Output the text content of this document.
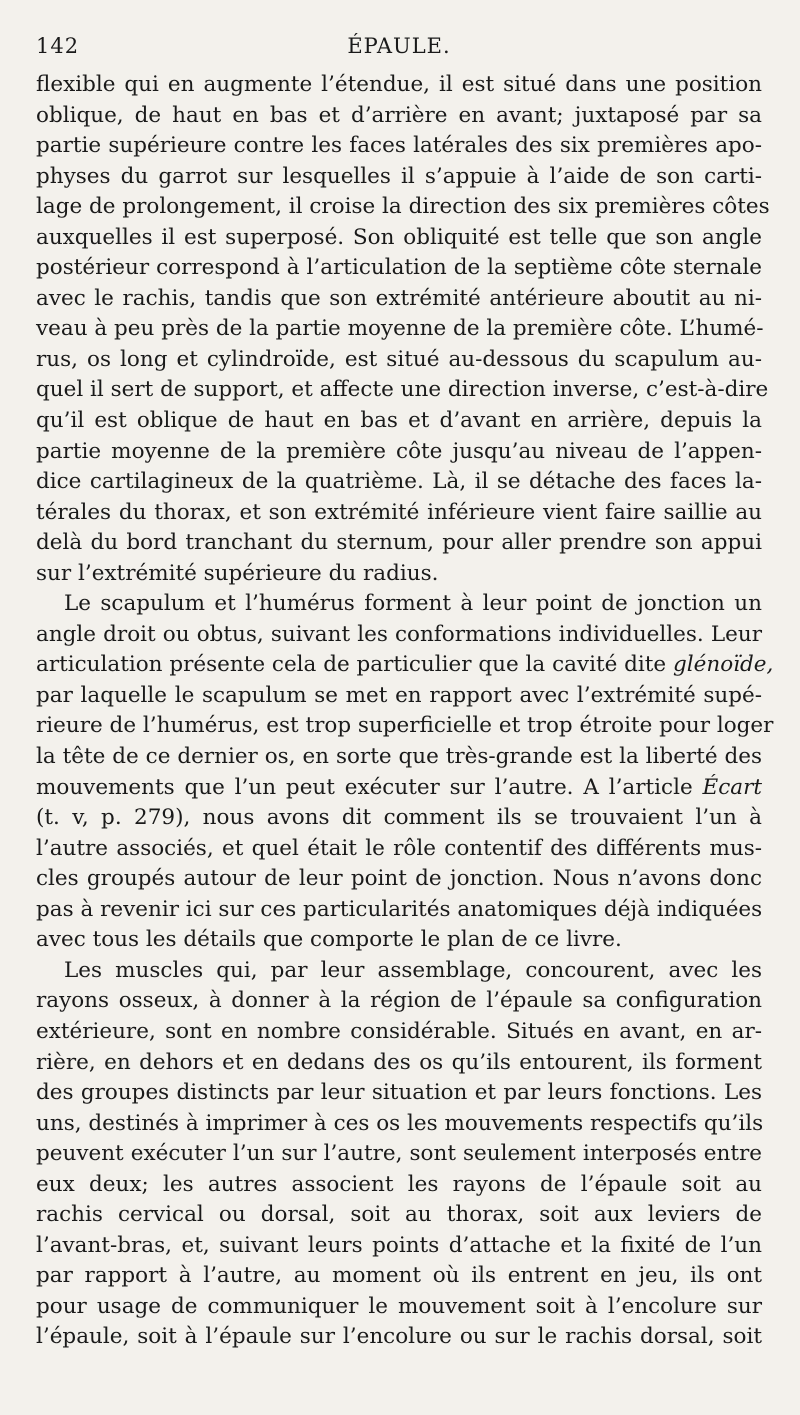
142	ÉPAULE.
flexible qui en augmente l’étendue, il est situé dans une position
oblique, de haut en bas et d’arrière en avant; juxtaposé par sa
partie supérieure contre les faces latérales des six premières apo-
physes du garrot sur lesquelles il s’appuie à l’aide de son carti-
lage de prolongement, il croise la direction des six premières côtes
auxquelles il est superposé. Son obliquité est telle que son angle
postérieur correspond à l’articulation de la septième côte sternale
avec le rachis, tandis que son extrémité antérieure aboutit au ni-
veau à peu près de la partie moyenne de la première côte. L’humé-
rus, os long et cylindroïde, est situé au-dessous du scapulum au-
quel il sert de support, et affecte une direction inverse, c’est-à-dire
qu’il est oblique de haut en bas et d’avant en arrière, depuis la
partie moyenne de la première côte jusqu’au niveau de l’appen-
dice cartilagineux de la quatrième. Là, il se détache des faces la-
térales du thorax, et son extrémité inférieure vient faire saillie au
delà du bord tranchant du sternum, pour aller prendre son appui
sur l’extrémité supérieure du radius.
Le scapulum et l’humérus forment à leur point de jonction un
angle droit ou obtus, suivant les conformations individuelles. Leur
articulation présente cela de particulier que la cavité dite glénoïde,
par laquelle le scapulum se met en rapport avec l’extrémité supé-
rieure de l’humérus, est trop superficielle et trop étroite pour loger
la tête de ce dernier os, en sorte que très-grande est la liberté des
mouvements que l’un peut exécuter sur l’autre. A l’article Écart
(t. v, p. 279), nous avons dit comment ils se trouvaient l’un à
l’autre associés, et quel était le rôle contentif des différents mus-
cles groupés autour de leur point de jonction. Nous n’avons donc
pas à revenir ici sur ces particularités anatomiques déjà indiquées
avec tous les détails que comporte le plan de ce livre.
Les muscles qui, par leur assemblage, concourent, avec les
rayons osseux, à donner à la région de l’épaule sa configuration
extérieure, sont en nombre considérable. Situés en avant, en ar-
rière, en dehors et en dedans des os qu’ils entourent, ils forment
des groupes distincts par leur situation et par leurs fonctions. Les
uns, destinés à imprimer à ces os les mouvements respectifs qu’ils
peuvent exécuter l’un sur l’autre, sont seulement interposés entre
eux deux; les autres associent les rayons de l’épaule soit au
rachis cervical ou dorsal, soit au thorax, soit aux leviers de
l’avant-bras, et, suivant leurs points d’attache et la fixité de l’un
par rapport à l’autre, au moment où ils entrent en jeu, ils ont
pour usage de communiquer le mouvement soit à l’encolure sur
l’épaule, soit à l’épaule sur l’encolure ou sur le rachis dorsal, soit
